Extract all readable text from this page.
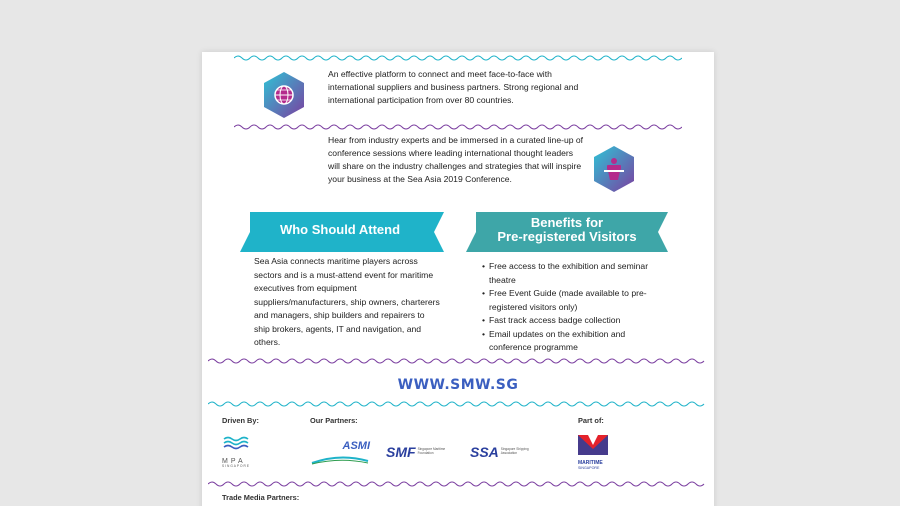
An effective platform to connect and meet face-to-face with international suppliers and business partners. Strong regional and international participation from over 80 countries.
Hear from industry experts and be immersed in a curated line-up of conference sessions where leading international thought leaders will share on the industry challenges and strategies that will inspire your business at the Sea Asia 2019 Conference.
Who Should Attend	Benefits for
Pre-registered Visitors
Sea Asia connects maritime players across sectors and is a must-attend event for maritime executives from equipment suppliers/manufacturers, ship owners, charterers and managers, ship builders and repairers to ship brokers, agents, IT and navigation, and others.
• Free access to the exhibition and seminar theatre
• Free Event Guide (made available to pre-registered visitors only)
• Fast track access badge collection
• Email updates on the exhibition and conference programme
WWW.SMW.SG
Driven By:	Our Partners:	Part of:
MPA
SINGAPORE
ASMI SMF Singapore Maritime Foundation	SSA Singapore Shipping Association
MARITIME
SINGAPORE
Trade Media Partners:
